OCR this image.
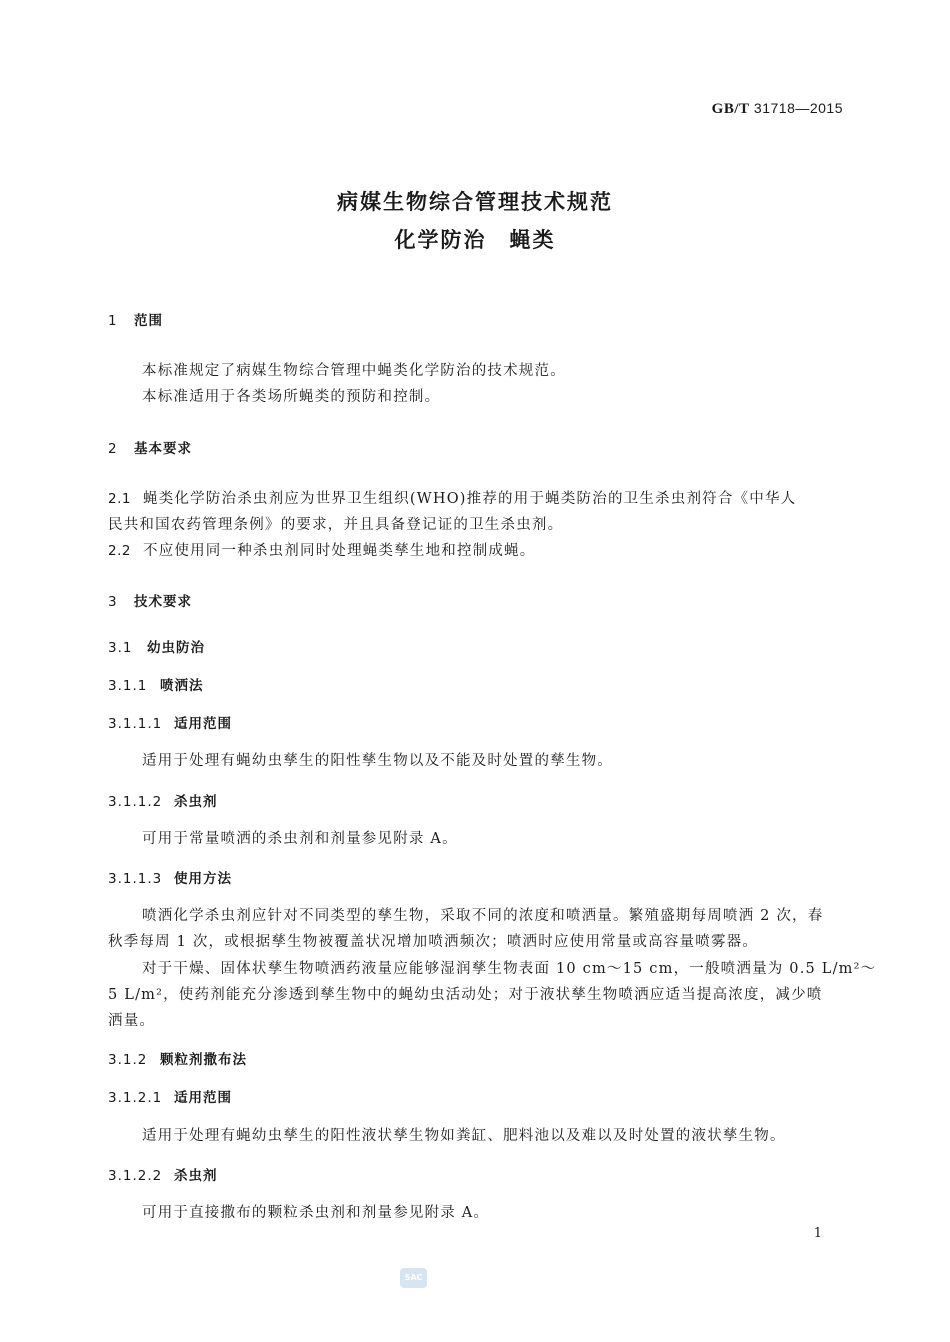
GB/T 31718—2015
病媒生物综合管理技术规范
化学防治　蝇类
1 范围
本标准规定了病媒生物综合管理中蝇类化学防治的技术规范。
本标准适用于各类场所蝇类的预防和控制。
2 基本要求
2.1 蝇类化学防治杀虫剂应为世界卫生组织(WHO)推荐的用于蝇类防治的卫生杀虫剂符合《中华人
民共和国农药管理条例》的要求，并且具备登记证的卫生杀虫剂。
2.2 不应使用同一种杀虫剂同时处理蝇类孳生地和控制成蝇。
3 技术要求
3.1 幼虫防治
3.1.1 喷洒法
3.1.1.1 适用范围
适用于处理有蝇幼虫孳生的阳性孳生物以及不能及时处置的孳生物。
3.1.1.2 杀虫剂
可用于常量喷洒的杀虫剂和剂量参见附录 A。
3.1.1.3 使用方法
喷洒化学杀虫剂应针对不同类型的孳生物，采取不同的浓度和喷洒量。繁殖盛期每周喷洒 2 次，春
秋季每周 1 次，或根据孳生物被覆盖状况增加喷洒频次；喷洒时应使用常量或高容量喷雾器。
对于干燥、固体状孳生物喷洒药液量应能够湿润孳生物表面 10 cm～15 cm，一般喷洒量为 0.5 L/m²～
5 L/m²，使药剂能充分渗透到孳生物中的蝇幼虫活动处；对于液状孳生物喷洒应适当提高浓度，减少喷
洒量。
3.1.2 颗粒剂撒布法
3.1.2.1 适用范围
适用于处理有蝇幼虫孳生的阳性液状孳生物如粪缸、肥料池以及难以及时处置的液状孳生物。
3.1.2.2 杀虫剂
可用于直接撒布的颗粒杀虫剂和剂量参见附录 A。
1
SAC
